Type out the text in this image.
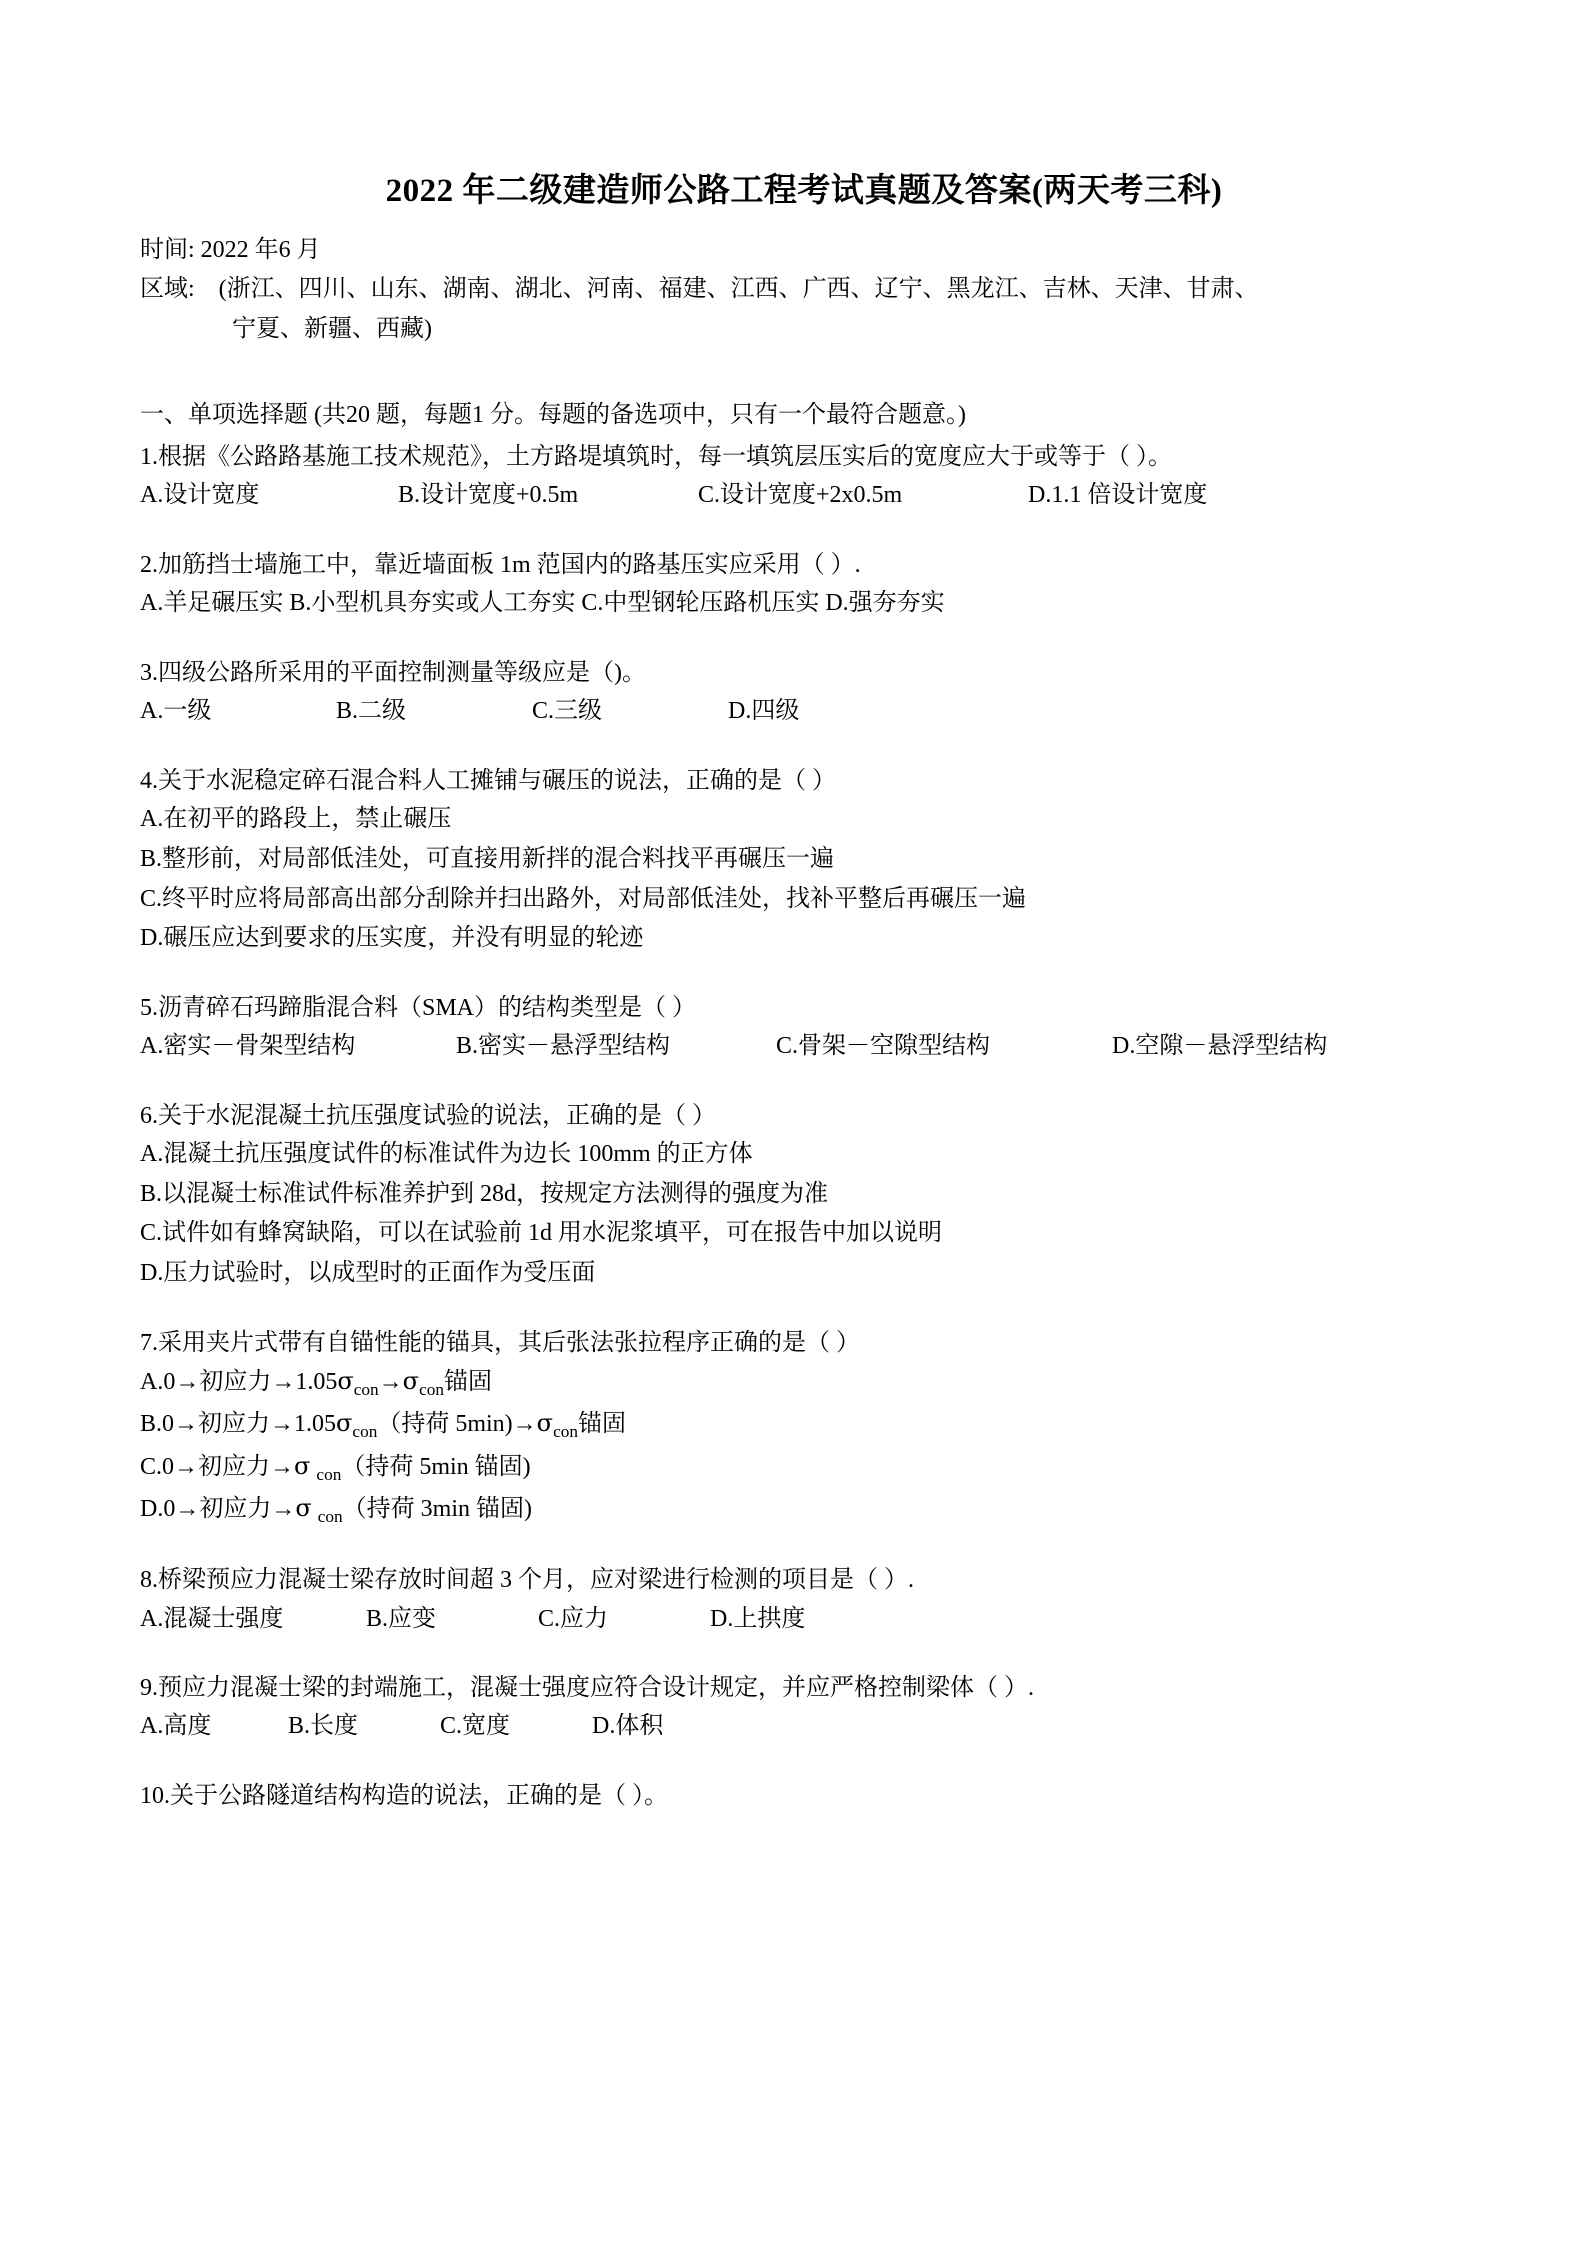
2022 年二级建造师公路工程考试真题及答案(两天考三科)

时间: 2022 年6 月

区域: (浙江、四川、山东、湖南、湖北、河南、福建、江西、广西、辽宁、黑龙江、吉林、天津、甘肃、

宁夏、新疆、西藏)

一、单项选择题 (共20 题，每题1 分。每题的备选项中，只有一个最符合题意。)

1.根据《公路路基施工技术规范》，土方路堤填筑时，每一填筑层压实后的宽度应大于或等于（ ）。

A.设计宽度	B.设计宽度+0.5m	C.设计宽度+2x0.5m	D.1.1 倍设计宽度

2.加筋挡士墙施工中，靠近墙面板 1m 范国内的路基压实应采用（ ）.

A.羊足碾压实 B.小型机具夯实或人工夯实 C.中型钢轮压路机压实 D.强夯夯实

3.四级公路所采用的平面控制测量等级应是（)。

A.一级	B.二级	C.三级	D.四级

4.关于水泥稳定碎石混合料人工摊铺与碾压的说法，正确的是（ ）

A.在初平的路段上，禁止碾压

B.整形前，对局部低洼处，可直接用新拌的混合料找平再碾压一遍

C.终平时应将局部高出部分刮除并扫出路外，对局部低洼处，找补平整后再碾压一遍

D.碾压应达到要求的压实度，并没有明显的轮迹

5.沥青碎石玛蹄脂混合料（SMA）的结构类型是（ ）

A.密实－骨架型结构	B.密实－悬浮型结构	C.骨架－空隙型结构	D.空隙－悬浮型结构

6.关于水泥混凝土抗压强度试验的说法，正确的是（ ）

A.混凝土抗压强度试件的标准试件为边长 100mm 的正方体

B.以混凝士标准试件标准养护到 28d，按规定方法测得的强度为准

C.试件如有蜂窝缺陷，可以在试验前 1d 用水泥浆填平，可在报告中加以说明

D.压力试验时，以成型时的正面作为受压面

7.采用夹片式带有自锚性能的锚具，其后张法张拉程序正确的是（ ）

A.0→初应力$\to 1.05\sigma_{con}\to\sigma_{con}$锚固

B.0→初应力$\to 1.05\sigma_{con}$（持荷 $5\min)\to\sigma_{con}$锚固

C.0→初应力→σ $_{con}$（持荷 5min 锚固)

D.0→初应力→σ $_{con}$（持荷 3min 锚固)

8.桥梁预应力混凝士梁存放时间超 3 个月，应对梁进行检测的项目是（ ）.

A.混凝士强度	B.应变	C.应力	D.上拱度

9.预应力混凝士梁的封端施工，混凝士强度应符合设计规定，并应严格控制梁体（ ）.

A.高度	B.长度	C.宽度	D.体积

10.关于公路隧道结构构造的说法，正确的是（ ）。
